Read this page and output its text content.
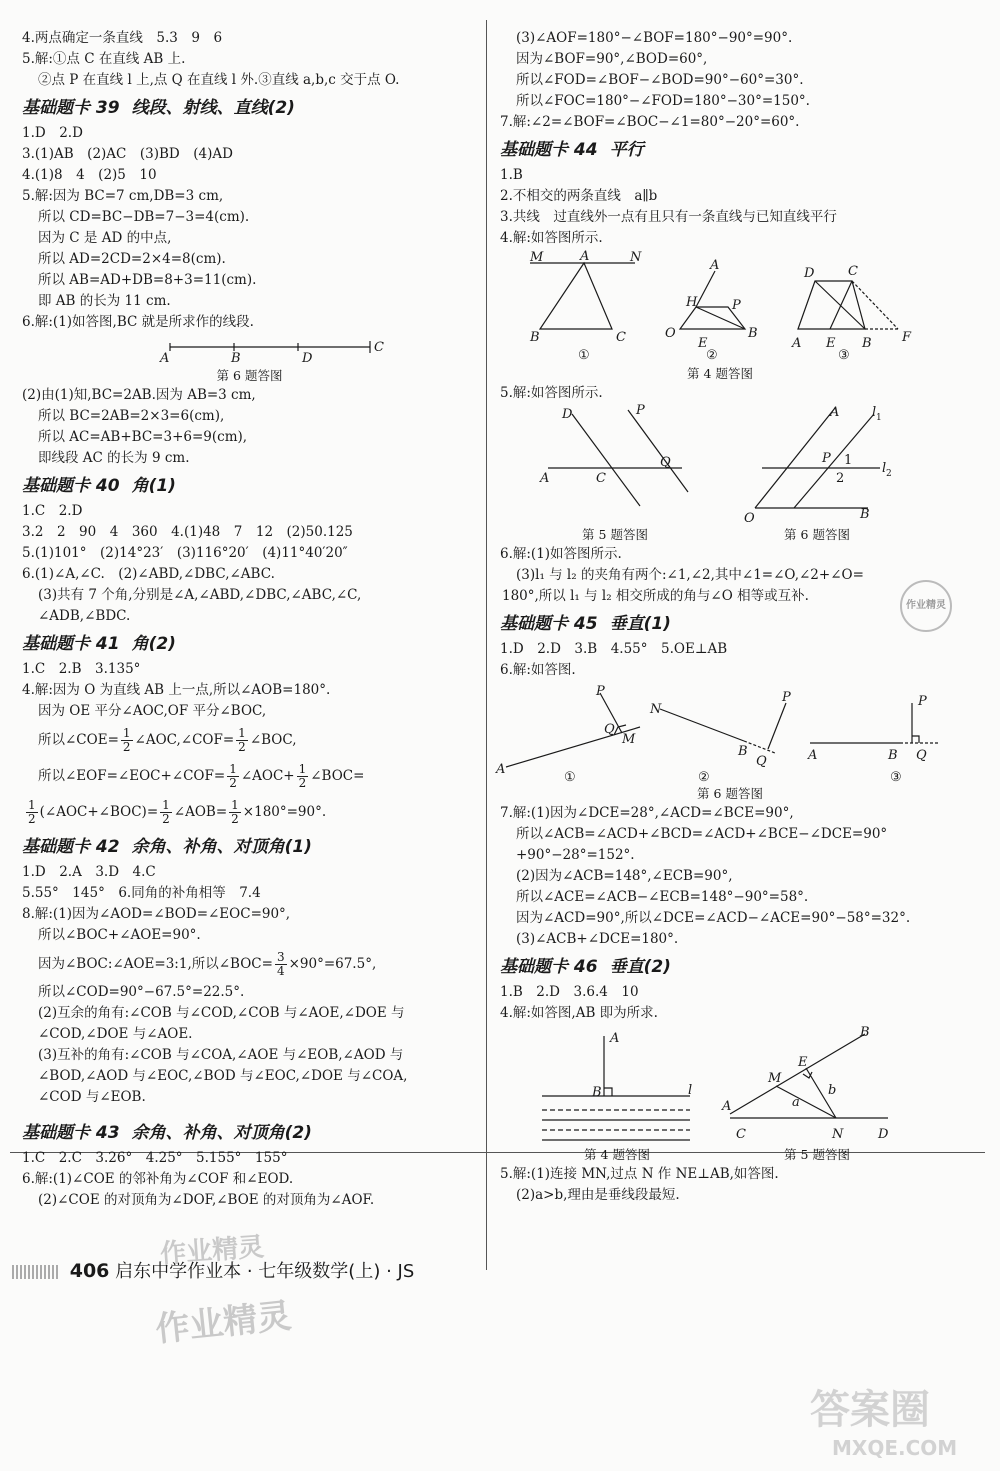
4.两点确定一条直线　5.3　9　6
5.解:①点 C 在直线 AB 上.
②点 P 在直线 l 上,点 Q 在直线 l 外.③直线 a,b,c 交于点 O.
基础题卡 39 线段、射线、直线(2)
1.D　2.D
3.(1)AB　(2)AC　(3)BD　(4)AD
4.(1)8　4　(2)5　10
5.解:因为 BC=7 cm,DB=3 cm,
所以 CD=BC−DB=7−3=4(cm).
因为 C 是 AD 的中点,
所以 AD=2CD=2×4=8(cm).
所以 AB=AD+DB=8+3=11(cm).
即 AB 的长为 11 cm.
6.解:(1)如答图,BC 就是所求作的线段.
A	B	D
C
第 6 题答图
(2)由(1)知,BC=2AB.因为 AB=3 cm,
所以 BC=2AB=2×3=6(cm),
所以 AC=AB+BC=3+6=9(cm),
即线段 AC 的长为 9 cm.
基础题卡 40 角(1)
1.C　2.D
3.2　2　90　4　360　4.(1)48　7　12　(2)50.125
5.(1)101°　(2)14°23′　(3)116°20′　(4)11°40′20″
6.(1)∠A,∠C.　(2)∠ABD,∠DBC,∠ABC.
(3)共有 7 个角,分别是∠A,∠ABD,∠DBC,∠ABC,∠C,
∠ADB,∠BDC.
基础题卡 41 角(2)
1.C　2.B　3.135°
4.解:因为 O 为直线 AB 上一点,所以∠AOB=180°.
因为 OE 平分∠AOC,OF 平分∠BOC,
所以∠COE= $\frac{1}{2}$ ∠AOC,∠COF= $\frac{1}{2}$ ∠BOC,
所以∠EOF=∠EOC+∠COF= $\frac{1}{2}$ ∠AOC+ $\frac{1}{2}$ ∠BOC=
$\frac{1}{2}$ (∠AOC+∠BOC)= $\frac{1}{2}$ ∠AOB= $\frac{1}{2} \times 180^\circ=90^\circ$.
基础题卡 42 余角、补角、对顶角(1)
1.D　2.A　3.D　4.C
5.55°　145°　6.同角的补角相等　7.4
8.解:(1)因为∠AOD=∠BOD=∠EOC=90°,
所以∠BOC+∠AOE=90°.
因为∠BOC:∠AOE=3:1,所以∠BOC= $\frac{3}{4} \times 90^\circ=67.5^\circ$,
所以∠COD=90°−67.5°=22.5°.
(2)互余的角有:∠COB 与∠COD,∠COB 与∠AOE,∠DOE 与
∠COD,∠DOE 与∠AOE.
(3)互补的角有:∠COB 与∠COA,∠AOE 与∠EOB,∠AOD 与
∠BOD,∠AOD 与∠EOC,∠BOD 与∠EOC,∠DOE 与∠COA,
∠COD 与∠EOB.
基础题卡 43 余角、补角、对顶角(2)
1.C　2.C　3.26°　4.25°　5.155°　155°
6.解:(1)∠COE 的邻补角为∠COF 和∠EOD.
(2)∠COE 的对顶角为∠DOF,∠BOE 的对顶角为∠AOF.
(3)∠AOF=180°−∠BOF=180°−90°=90°.
因为∠BOF=90°,∠BOD=60°,
所以∠FOD=∠BOF−∠BOD=90°−60°=30°.
所以∠FOC=180°−∠FOD=180°−30°=150°.
7.解:∠2=∠BOF=∠BOC−∠1=80°−20°=60°.
基础题卡 44 平行
1.B
2.不相交的两条直线　a∥b
3.共线　过直线外一点有且只有一条直线与已知直线平行
4.解:如答图所示.
M	A	N
B	C
①
A
H	P
O
E
B
②
D	C
A E B F
③
第 4 题答图
5.解:如答图所示.
D	P
A	C
Q
O	B
A	l 1
l 2
P 1
2
第 5 题答图	第 6 题答图
6.解:(1)如答图所示.
(3)l₁ 与 l₂ 的夹角有两个:∠1,∠2,其中∠1=∠O,∠2+∠O=
180°,所以 l₁ 与 l₂ 相交所成的角与∠O 相等或互补.
基础题卡 45 垂直(1)
1.D　2.D　3.B　4.55°　5.OE⊥AB
6.解:如答图.
P
Q
M
A
①
N
B
P
Q
②
A	B Q
P
③
第 6 题答图
7.解:(1)因为∠DCE=28°,∠ACD=∠BCE=90°,
所以∠ACB=∠ACD+∠BCD=∠ACD+∠BCE−∠DCE=90°
+90°−28°=152°.
(2)因为∠ACB=148°,∠ECB=90°,
所以∠ACE=∠ACB−∠ECB=148°−90°=58°.
因为∠ACD=90°,所以∠DCE=∠ACD−∠ACE=90°−58°=32°.
(3)∠ACB+∠DCE=180°.
基础题卡 46 垂直(2)
1.B　2.D　3.6.4　10
4.解:如答图,AB 即为所求.
A
B	l
B
E
M
A	a
b
C	N	D
第 4 题答图	第 5 题答图
5.解:(1)连接 MN,过点 N 作 NE⊥AB,如答图.
(2)a>b,理由是垂线段最短.
406 启东中学作业本 · 七年级数学(上) · JS
作业精灵
作业精灵
答案圈
MXQE.COM
作业精灵
